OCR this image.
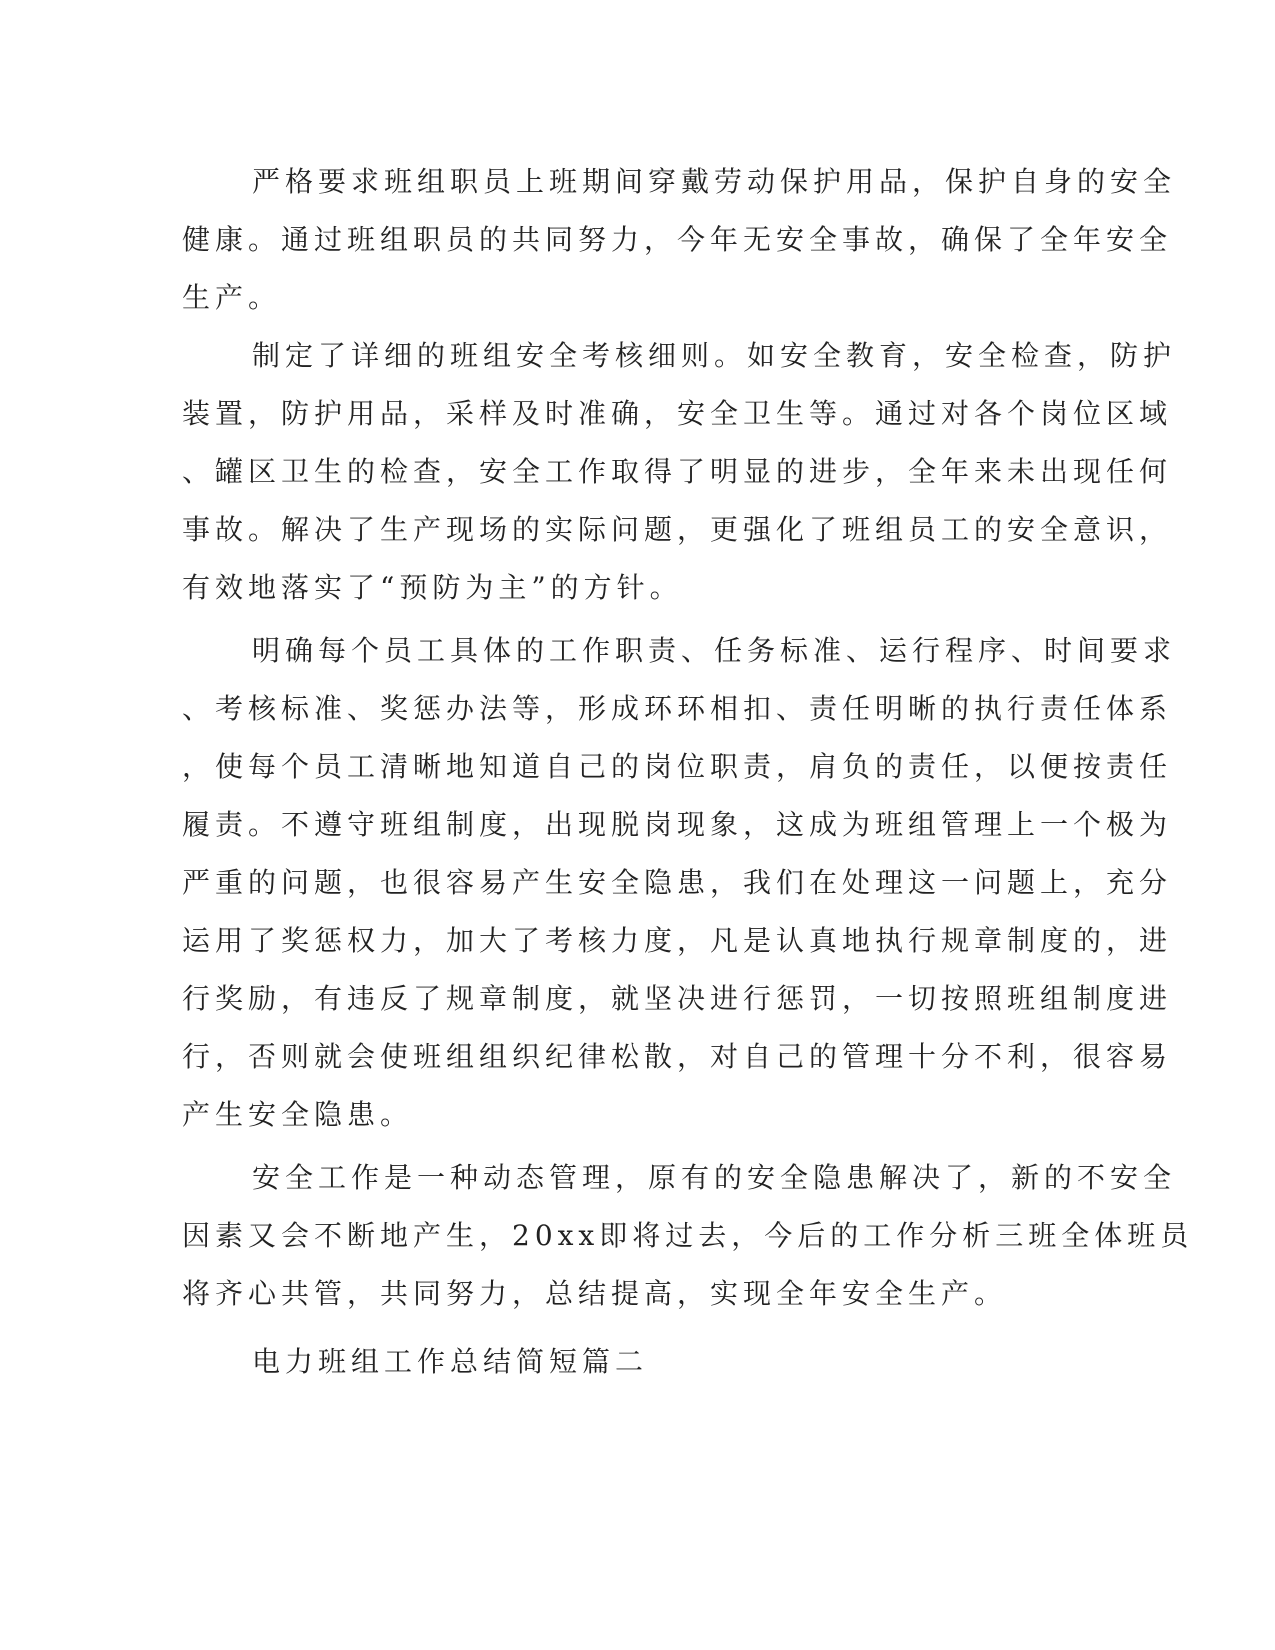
严格要求班组职员上班期间穿戴劳动保护用品，保护自身的安全

健康。通过班组职员的共同努力，今年无安全事故，确保了全年安全

生产。

制定了详细的班组安全考核细则。如安全教育，安全检查，防护

装置，防护用品，采样及时准确，安全卫生等。通过对各个岗位区域

、罐区卫生的检查，安全工作取得了明显的进步，全年来未出现任何

事故。解决了生产现场的实际问题，更强化了班组员工的安全意识，

有效地落实了“预防为主”的方针。

明确每个员工具体的工作职责、任务标准、运行程序、时间要求

、考核标准、奖惩办法等，形成环环相扣、责任明晰的执行责任体系

，使每个员工清晰地知道自己的岗位职责，肩负的责任，以便按责任

履责。不遵守班组制度，出现脱岗现象，这成为班组管理上一个极为

严重的问题，也很容易产生安全隐患，我们在处理这一问题上，充分

运用了奖惩权力，加大了考核力度，凡是认真地执行规章制度的，进

行奖励，有违反了规章制度，就坚决进行惩罚，一切按照班组制度进

行，否则就会使班组组织纪律松散，对自己的管理十分不利，很容易

产生安全隐患。

安全工作是一种动态管理，原有的安全隐患解决了，新的不安全

因素又会不断地产生，20xx即将过去，今后的工作分析三班全体班员

将齐心共管，共同努力，总结提高，实现全年安全生产。

电力班组工作总结简短篇二
